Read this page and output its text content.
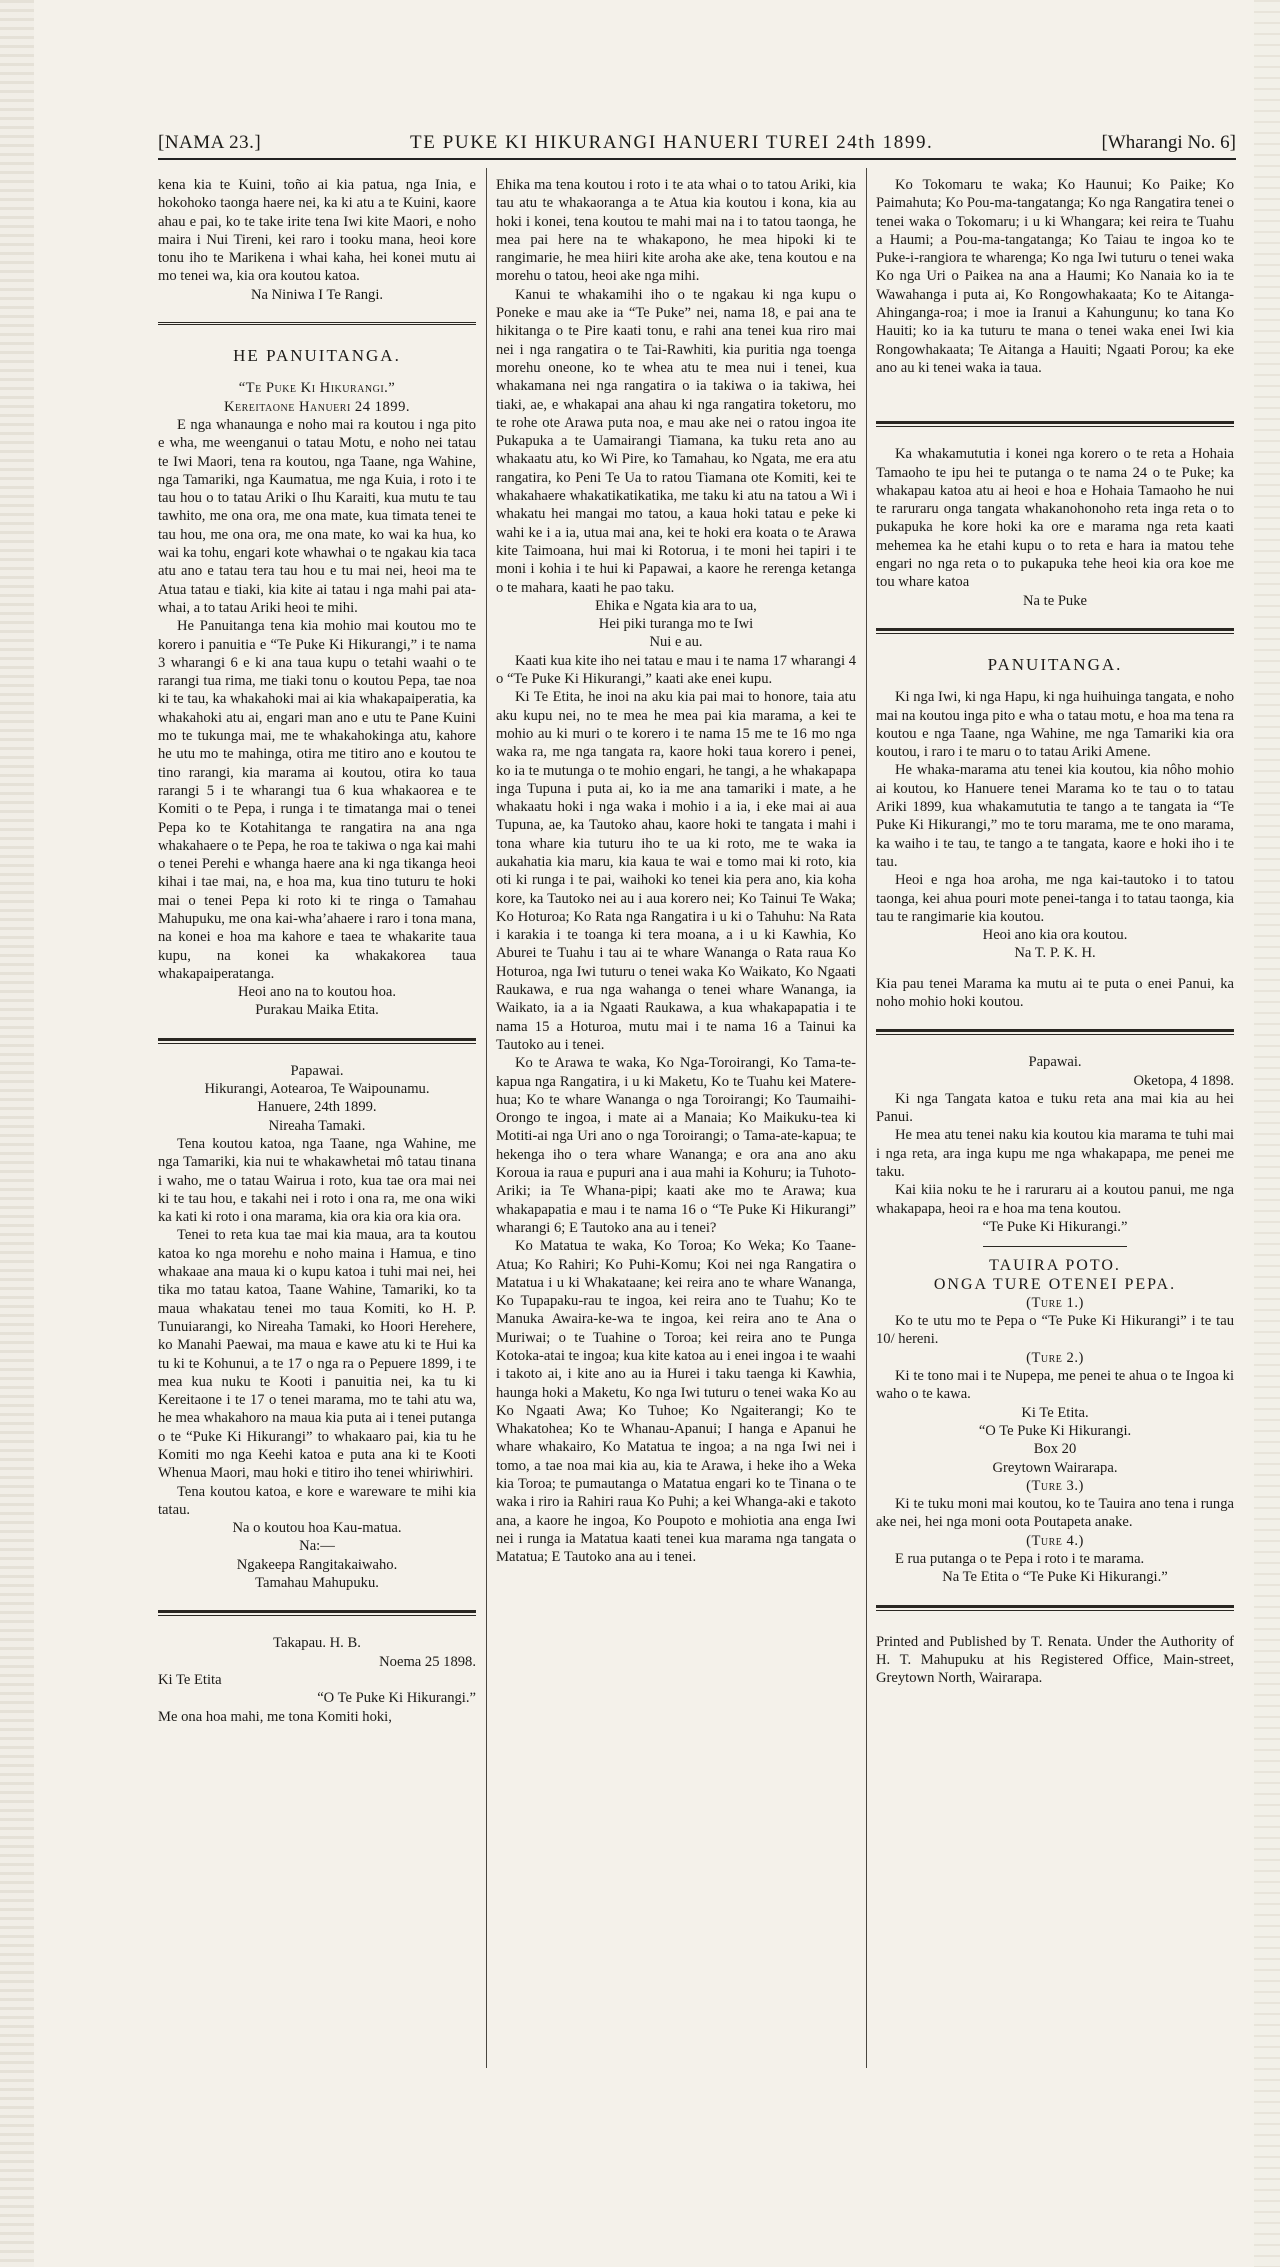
[NAMA 23.]	TE PUKE KI HIKURANGI HANUERI TUREI 24th 1899.	[Wharangi No. 6]

kena kia te Kuini, toño ai kia patua, nga Inia, e hokohoko taonga haere nei, ka ki atu a te Kuini, kaore ahau e pai, ko te take irite tena Iwi kite Maori, e noho maira i Nui Tireni, kei raro i tooku mana, heoi kore tonu iho te Marikena i whai kaha, hei konei mutu ai mo tenei wa, kia ora koutou katoa.

Na Niniwa I Te Rangi.

HE PANUITANGA.

“Te Puke Ki Hikurangi.”

Kereitaone Hanueri 24 1899.

E nga whanaunga e noho mai ra koutou i nga pito e wha, me weenganui o tatau Motu, e noho nei tatau te Iwi Maori, tena ra koutou, nga Taane, nga Wahine, nga Tamariki, nga Kaumatua, me nga Kuia, i roto i te tau hou o to tatau Ariki o Ihu Karaiti, kua mutu te tau tawhito, me ona ora, me ona mate, kua timata tenei te tau hou, me ona ora, me ona mate, ko wai ka hua, ko wai ka tohu, engari kote whawhai o te ngakau kia taca atu ano e tatau tera tau hou e tu mai nei, heoi ma te Atua tatau e tiaki, kia kite ai tatau i nga mahi pai ata-whai, a to tatau Ariki heoi te mihi.

He Panuitanga tena kia mohio mai koutou mo te korero i panuitia e “Te Puke Ki Hikurangi,” i te nama 3 wharangi 6 e ki ana taua kupu o tetahi waahi o te rarangi tua rima, me tiaki tonu o koutou Pepa, tae noa ki te tau, ka whakahoki mai ai kia whakapaiperatia, ka whakahoki atu ai, engari man ano e utu te Pane Kuini mo te tukunga mai, me te whakahokinga atu, kahore he utu mo te mahinga, otira me titiro ano e koutou te tino rarangi, kia marama ai koutou, otira ko taua rarangi 5 i te wharangi tua 6 kua whakaorea e te Komiti o te Pepa, i runga i te timatanga mai o tenei Pepa ko te Kotahitanga te rangatira na ana nga whakahaere o te Pepa, he roa te takiwa o nga kai mahi o tenei Perehi e whanga haere ana ki nga tikanga heoi kihai i tae mai, na, e hoa ma, kua tino tuturu te hoki mai o tenei Pepa ki roto ki te ringa o Tamahau Mahupuku, me ona kai-wha’ahaere i raro i tona mana, na konei e hoa ma kahore e taea te whakarite taua kupu, na konei ka whakakorea taua whakapaiperatanga.

Heoi ano na to koutou hoa.

Purakau Maika Etita.

Papawai.

Hikurangi, Aotearoa, Te Waipounamu.

Hanuere, 24th 1899.

Nireaha Tamaki.

Tena koutou katoa, nga Taane, nga Wahine, me nga Tamariki, kia nui te whakawhetai mô tatau tinana i waho, me o tatau Wairua i roto, kua tae ora mai nei ki te tau hou, e takahi nei i roto i ona ra, me ona wiki ka kati ki roto i ona marama, kia ora kia ora kia ora.

Tenei to reta kua tae mai kia maua, ara ta koutou katoa ko nga morehu e noho maina i Hamua, e tino whakaae ana maua ki o kupu katoa i tuhi mai nei, hei tika mo tatau katoa, Taane Wahine, Tamariki, ko ta maua whakatau tenei mo taua Komiti, ko H. P. Tunuiarangi, ko Nireaha Tamaki, ko Hoori Herehere, ko Manahi Paewai, ma maua e kawe atu ki te Hui ka tu ki te Kohunui, a te 17 o nga ra o Pepuere 1899, i te mea kua nuku te Kooti i panuitia nei, ka tu ki Kereitaone i te 17 o tenei marama, mo te tahi atu wa, he mea whakahoro na maua kia puta ai i tenei putanga o te “Puke Ki Hikurangi” to whakaaro pai, kia tu he Komiti mo nga Keehi katoa e puta ana ki te Kooti Whenua Maori, mau hoki e titiro iho tenei whiriwhiri.

Tena koutou katoa, e kore e wareware te mihi kia tatau.

Na o koutou hoa Kau-matua.

Na:—

Ngakeepa Rangitakaiwaho.

Tamahau Mahupuku.

Takapau. H. B.

Noema 25 1898.

Ki Te Etita

“O Te Puke Ki Hikurangi.”

Me ona hoa mahi, me tona Komiti hoki,

Ehika ma tena koutou i roto i te ata whai o to tatou Ariki, kia tau atu te whakaoranga a te Atua kia koutou i kona, kia au hoki i konei, tena koutou te mahi mai na i to tatou taonga, he mea pai here na te whakapono, he mea hipoki ki te rangimarie, he mea hiiri kite aroha ake ake, tena koutou e na morehu o tatou, heoi ake nga mihi.

Kanui te whakamihi iho o te ngakau ki nga kupu o Poneke e mau ake ia “Te Puke” nei, nama 18, e pai ana te hikitanga o te Pire kaati tonu, e rahi ana tenei kua riro mai nei i nga rangatira o te Tai-Rawhiti, kia puritia nga toenga morehu oneone, ko te whea atu te mea nui i tenei, kua whakamana nei nga rangatira o ia takiwa o ia takiwa, hei tiaki, ae, e whakapai ana ahau ki nga rangatira toketoru, mo te rohe ote Arawa puta noa, e mau ake nei o ratou ingoa ite Pukapuka a te Uamairangi Tiamana, ka tuku reta ano au whakaatu atu, ko Wi Pire, ko Tamahau, ko Ngata, me era atu rangatira, ko Peni Te Ua to ratou Tiamana ote Komiti, kei te whakahaere whakatikatikatika, me taku ki atu na tatou a Wi i whakatu hei mangai mo tatou, a kaua hoki tatau e peke ki wahi ke i a ia, utua mai ana, kei te hoki era koata o te Arawa kite Taimoana, hui mai ki Rotorua, i te moni hei tapiri i te moni i kohia i te hui ki Papawai, a kaore he rerenga ketanga o te mahara, kaati he pao taku.

Ehika e Ngata kia ara to ua,

Hei piki turanga mo te Iwi

Nui e au.

Kaati kua kite iho nei tatau e mau i te nama 17 wharangi 4 o “Te Puke Ki Hikurangi,” kaati ake enei kupu.

Ki Te Etita, he inoi na aku kia pai mai to honore, taia atu aku kupu nei, no te mea he mea pai kia marama, a kei te mohio au ki muri o te korero i te nama 15 me te 16 mo nga waka ra, me nga tangata ra, kaore hoki taua korero i penei, ko ia te mutunga o te mohio engari, he tangi, a he whakapapa inga Tupuna i puta ai, ko ia me ana tamariki i mate, a he whakaatu hoki i nga waka i mohio i a ia, i eke mai ai aua Tupuna, ae, ka Tautoko ahau, kaore hoki te tangata i mahi i tona whare kia tuturu iho te ua ki roto, me te waka ia aukahatia kia maru, kia kaua te wai e tomo mai ki roto, kia oti ki runga i te pai, waihoki ko tenei kia pera ano, kia koha kore, ka Tautoko nei au i aua korero nei; Ko Tainui Te Waka; Ko Hoturoa; Ko Rata nga Rangatira i u ki o Tahuhu: Na Rata i karakia i te toanga ki tera moana, a i u ki Kawhia, Ko Aburei te Tuahu i tau ai te whare Wananga o Rata raua Ko Hoturoa, nga Iwi tuturu o tenei waka Ko Waikato, Ko Ngaati Raukawa, e rua nga wahanga o tenei whare Wananga, ia Waikato, ia a ia Ngaati Raukawa, a kua whakapapatia i te nama 15 a Hoturoa, mutu mai i te nama 16 a Tainui ka Tautoko au i tenei.

Ko te Arawa te waka, Ko Nga-Toroirangi, Ko Tama-te-kapua nga Rangatira, i u ki Maketu, Ko te Tuahu kei Matere-hua; Ko te whare Wananga o nga Toroirangi; Ko Taumaihi-Orongo te ingoa, i mate ai a Manaia; Ko Maikuku-tea ki Motiti-ai nga Uri ano o nga Toroirangi; o Tama-ate-kapua; te hekenga iho o tera whare Wananga; e ora ana ano aku Koroua ia raua e pupuri ana i aua mahi ia Kohuru; ia Tuhoto-Ariki; ia Te Whana-pipi; kaati ake mo te Arawa; kua whakapapatia e mau i te nama 16 o “Te Puke Ki Hikurangi” wharangi 6; E Tautoko ana au i tenei?

Ko Matatua te waka, Ko Toroa; Ko Weka; Ko Taane-Atua; Ko Rahiri; Ko Puhi-Komu; Koi nei nga Rangatira o Matatua i u ki Whakataane; kei reira ano te whare Wananga, Ko Tupapaku-rau te ingoa, kei reira ano te Tuahu; Ko te Manuka Awaira-ke-wa te ingoa, kei reira ano te Ana o Muriwai; o te Tuahine o Toroa; kei reira ano te Punga Kotoka-atai te ingoa; kua kite katoa au i enei ingoa i te waahi i takoto ai, i kite ano au ia Hurei i taku taenga ki Kawhia, haunga hoki a Maketu, Ko nga Iwi tuturu o tenei waka Ko au Ko Ngaati Awa; Ko Tuhoe; Ko Ngaiterangi; Ko te Whakatohea; Ko te Whanau-Apanui; I hanga e Apanui he whare whakairo, Ko Matatua te ingoa; a na nga Iwi nei i tomo, a tae noa mai kia au, kia te Arawa, i heke iho a Weka kia Toroa; te pumautanga o Matatua engari ko te Tinana o te waka i riro ia Rahiri raua Ko Puhi; a kei Whanga-aki e takoto ana, a kaore he ingoa, Ko Poupoto e mohiotia ana enga Iwi nei i runga ia Matatua kaati tenei kua marama nga tangata o Matatua; E Tautoko ana au i tenei.

Ko Tokomaru te waka; Ko Haunui; Ko Paike; Ko Paimahuta; Ko Pou-ma-tangatanga; Ko nga Rangatira tenei o tenei waka o Tokomaru; i u ki Whangara; kei reira te Tuahu a Haumi; a Pou-ma-tangatanga; Ko Taiau te ingoa ko te Puke-i-rangiora te wharenga; Ko nga Iwi tuturu o tenei waka Ko nga Uri o Paikea na ana a Haumi; Ko Nanaia ko ia te Wawahanga i puta ai, Ko Rongowhakaata; Ko te Aitanga-Ahinganga-roa; i moe ia Iranui a Kahungunu; ko tana Ko Hauiti; ko ia ka tuturu te mana o tenei waka enei Iwi kia Rongowhakaata; Te Aitanga a Hauiti; Ngaati Porou; ka eke ano au ki tenei waka ia taua.

Ka whakamututia i konei nga korero o te reta a Hohaia Tamaoho te ipu hei te putanga o te nama 24 o te Puke; ka whakapau katoa atu ai heoi e hoa e Hohaia Tamaoho he nui te raruraru onga tangata whakanohonoho reta inga reta o to pukapuka he kore hoki ka ore e marama nga reta kaati mehemea ka he etahi kupu o to reta e hara ia matou tehe engari no nga reta o to pukapuka tehe heoi kia ora koe me tou whare katoa

Na te Puke

PANUITANGA.

Ki nga Iwi, ki nga Hapu, ki nga huihuinga tangata, e noho mai na koutou inga pito e wha o tatau motu, e hoa ma tena ra koutou e nga Taane, nga Wahine, me nga Tamariki kia ora koutou, i raro i te maru o to tatau Ariki Amene.

He whaka-marama atu tenei kia koutou, kia nôho mohio ai koutou, ko Hanuere tenei Marama ko te tau o to tatau Ariki 1899, kua whakamututia te tango a te tangata ia “Te Puke Ki Hikurangi,” mo te toru marama, me te ono marama, ka waiho i te tau, te tango a te tangata, kaore e hoki iho i te tau.

Heoi e nga hoa aroha, me nga kai-tautoko i to tatou taonga, kei ahua pouri mote penei-tanga i to tatau taonga, kia tau te rangimarie kia koutou.

Heoi ano kia ora koutou.

Na T. P. K. H.

Kia pau tenei Marama ka mutu ai te puta o enei Panui, ka noho mohio hoki koutou.

Papawai.

Oketopa, 4 1898.

Ki nga Tangata katoa e tuku reta ana mai kia au hei Panui.

He mea atu tenei naku kia koutou kia marama te tuhi mai i nga reta, ara inga kupu me nga whakapapa, me penei me taku.

Kai kiia noku te he i raruraru ai a koutou panui, me nga whakapapa, heoi ra e hoa ma tena koutou.

“Te Puke Ki Hikurangi.”

TAUIRA POTO.

ONGA TURE OTENEI PEPA.

(Ture 1.)

Ko te utu mo te Pepa o “Te Puke Ki Hikurangi” i te tau 10/ hereni.

(Ture 2.)

Ki te tono mai i te Nupepa, me penei te ahua o te Ingoa ki waho o te kawa.

Ki Te Etita.

“O Te Puke Ki Hikurangi.

Box 20

Greytown Wairarapa.

(Ture 3.)

Ki te tuku moni mai koutou, ko te Tauira ano tena i runga ake nei, hei nga moni oota Poutapeta anake.

(Ture 4.)

E rua putanga o te Pepa i roto i te marama.

Na Te Etita o “Te Puke Ki Hikurangi.”

Printed and Published by T. Renata. Under the Authority of H. T. Mahupuku at his Registered Office, Main-street, Greytown North, Wairarapa.
